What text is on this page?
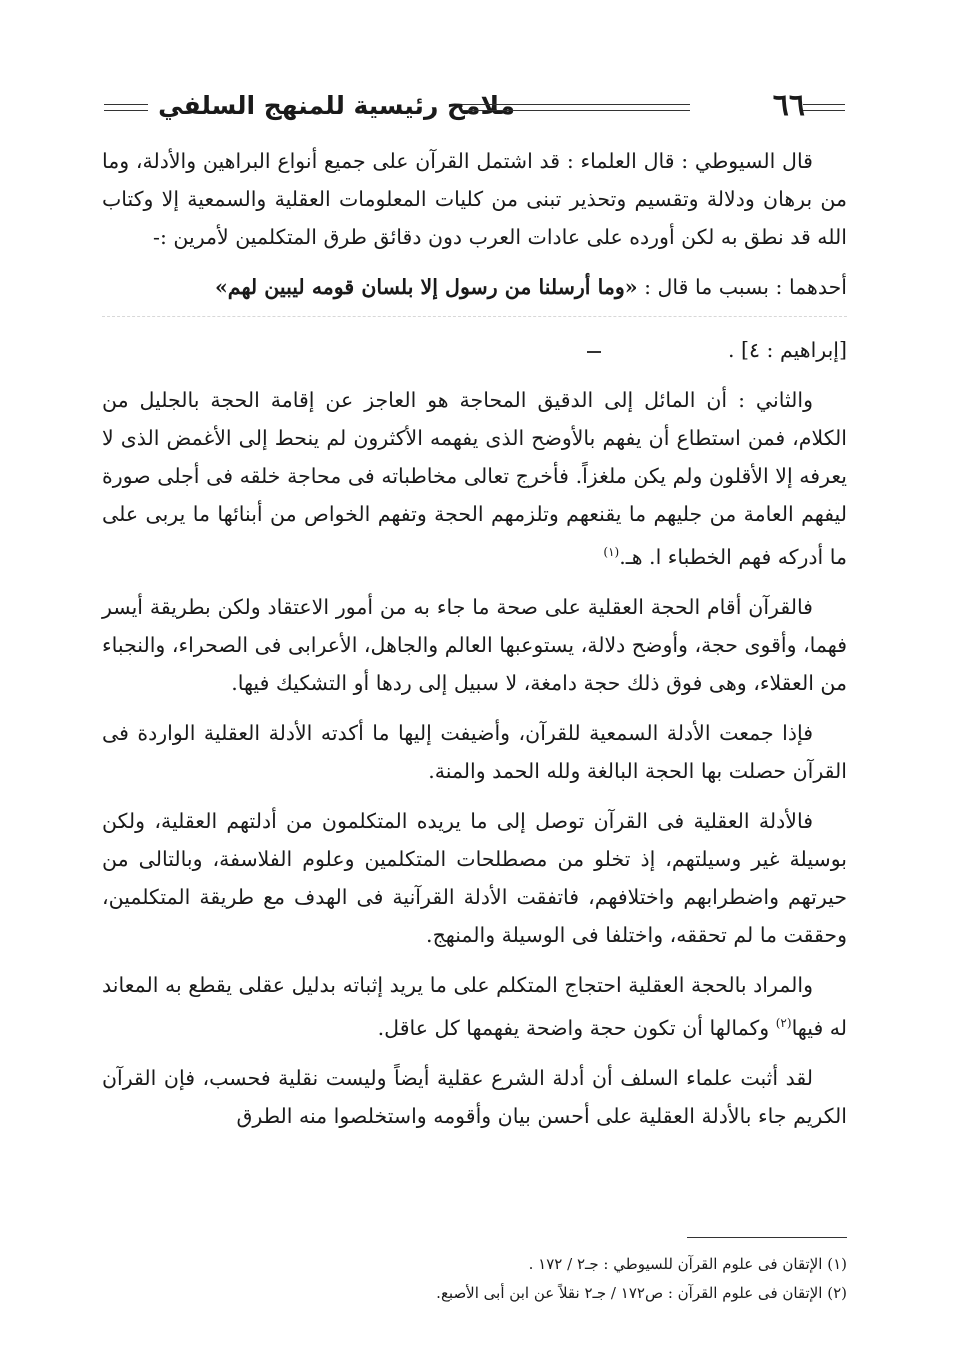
٦٦
ملامح رئيسية للمنهج السلفي

قال السيوطي : قال العلماء : قد اشتمل القرآن على جميع أنواع البراهين والأدلة، وما من برهان ودلالة وتقسيم وتحذير تبنى من كليات المعلومات العقلية والسمعية إلا وكتاب الله قد نطق به لكن أورده على عادات العرب دون دقائق طرق المتكلمين لأمرين :-

أحدهما : بسبب ما قال : «وما أرسلنا من رسول إلا بلسان قومه ليبين لهم»

[إبراهيم : ٤] .

والثاني : أن المائل إلى الدقيق المحاجة هو العاجز عن إقامة الحجة بالجليل من الكلام، فمن استطاع أن يفهم بالأوضح الذى يفهمه الأكثرون لم ينحط إلى الأغمض الذى لا يعرفه إلا الأقلون ولم يكن ملغزاً. فأخرج تعالى مخاطباته فى محاجة خلقه فى أجلى صورة ليفهم العامة من جليهم ما يقنعهم وتلزمهم الحجة وتفهم الخواص من أبنائها ما يربى على ما أدركه فهم الخطباء ا. هـ.$^{(١)}$

فالقرآن أقام الحجة العقلية على صحة ما جاء به من أمور الاعتقاد ولكن بطريقة أيسر فهما، وأقوى حجة، وأوضح دلالة، يستوعبها العالم والجاهل، الأعرابى فى الصحراء، والنجباء من العقلاء، وهى فوق ذلك حجة دامغة، لا سبيل إلى ردها أو التشكيك فيها.

فإذا جمعت الأدلة السمعية للقرآن، وأضيفت إليها ما أكدته الأدلة العقلية الواردة فى القرآن حصلت بها الحجة البالغة ولله الحمد والمنة.

فالأدلة العقلية فى القرآن توصل إلى ما يريده المتكلمون من أدلتهم العقلية، ولكن بوسيلة غير وسيلتهم، إذ تخلو من مصطلحات المتكلمين وعلوم الفلاسفة، وبالتالى من حيرتهم واضطرابهم واختلافهم، فاتفقت الأدلة القرآنية فى الهدف مع طريقة المتكلمين، وحققت ما لم تحققه، واختلفا فى الوسيلة والمنهج.

والمراد بالحجة العقلية احتجاج المتكلم على ما يريد إثباته بدليل عقلى يقطع به المعاند له فيها$^{(٢)}$ وكمالها أن تكون حجة واضحة يفهمها كل عاقل.

لقد أثبت علماء السلف أن أدلة الشرع عقلية أيضاً وليست نقلية فحسب، فإن القرآن الكريم جاء بالأدلة العقلية على أحسن بيان وأقومه واستخلصوا منه الطرق

(١) الإتقان فى علوم القرآن للسيوطي : جـ٢ / ١٧٢ .
(٢) الإتقان فى علوم القرآن : ص١٧٢ / جـ٢ نقلاً عن ابن أبى الأصبع.
